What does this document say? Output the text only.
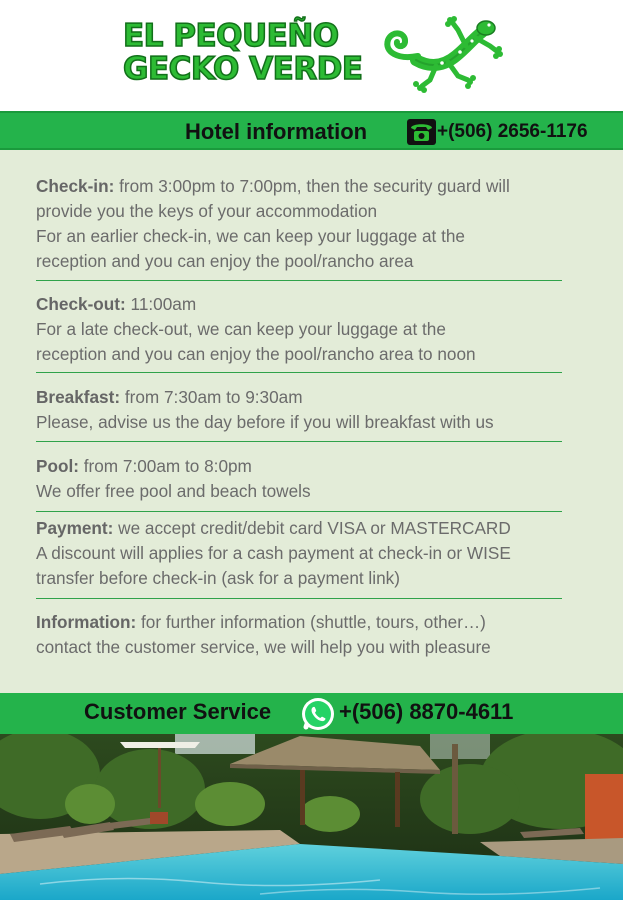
EL PEQUEÑO
GECKO VERDE
Hotel information	+(506) 2656-1176
Check-in: from 3:00pm to 7:00pm, then the security guard will
provide you the keys of your accommodation
For an earlier check-in, we can keep your luggage at the
reception and you can enjoy the pool/rancho area
Check-out: 11:00am
For a late check-out, we can keep your luggage at the
reception and you can enjoy the pool/rancho area to noon
Breakfast: from 7:30am to 9:30am
Please, advise us the day before if you will breakfast with us
Pool: from 7:00am to 8:0pm
We offer free pool and beach towels
Payment: we accept credit/debit card VISA or MASTERCARD
A discount will applies for a cash payment at check-in or WISE
transfer before check-in (ask for a payment link)
Information: for further information (shuttle, tours, other…)
contact the customer service, we will help you with pleasure
Customer Service	+(506) 8870-4611
